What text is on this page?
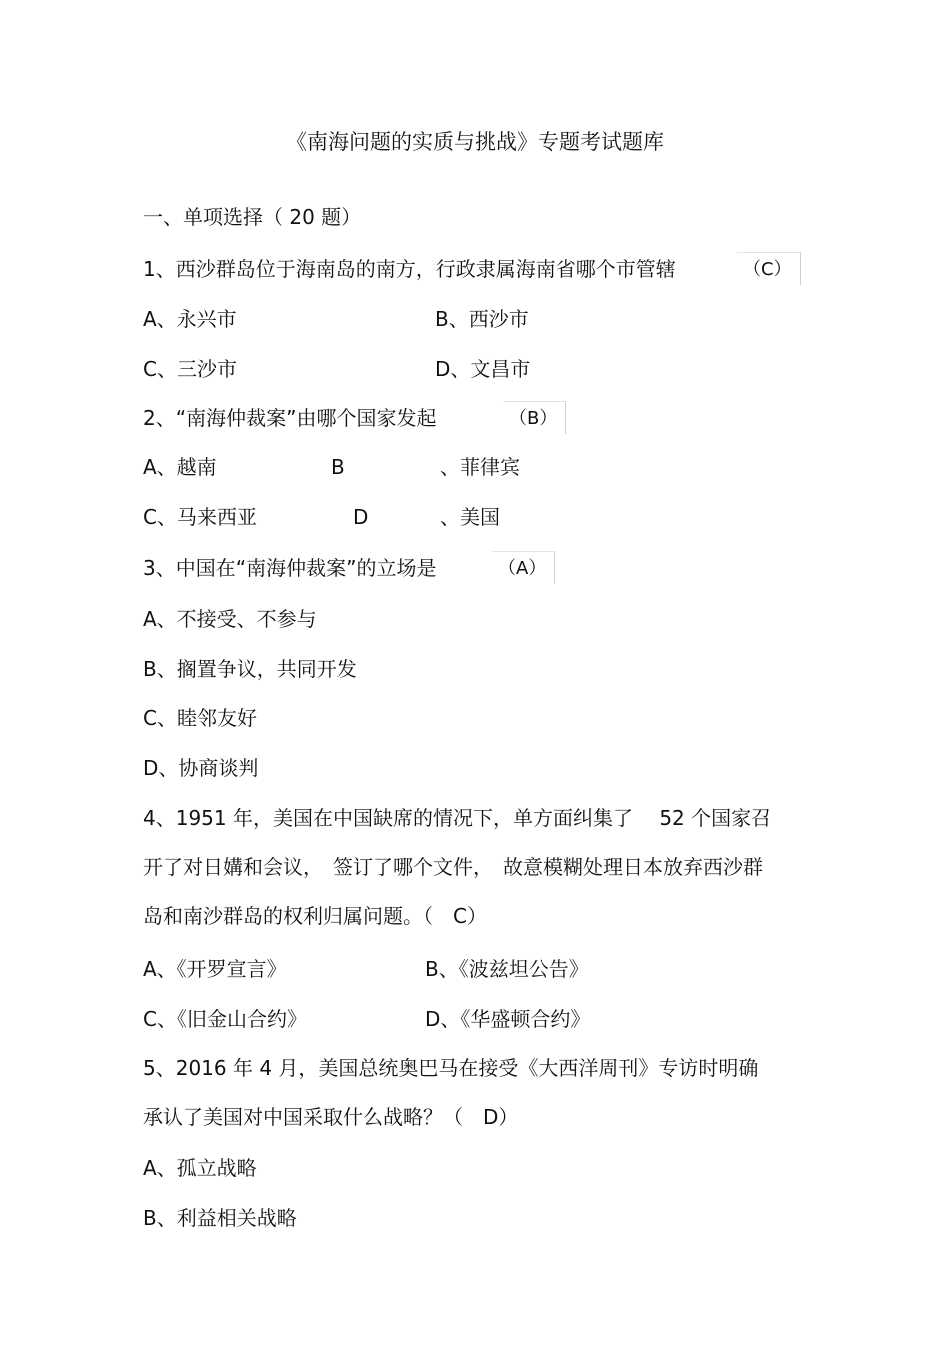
《南海问题的实质与挑战》专题考试题库
一、单项选择（ 20 题）
1、西沙群岛位于海南岛的南方，行政隶属海南省哪个市管辖	（C）
A、永兴市	B、西沙市
C、三沙市	D、文昌市
2、“南海仲裁案”由哪个国家发起	（B）
A、越南	B	、菲律宾
C、马来西亚	D	、美国
3、中国在“南海仲裁案”的立场是	（A）
A、不接受、不参与
B、搁置争议，共同开发
C、睦邻友好
D、协商谈判
4、1951 年，美国在中国缺席的情况下，单方面纠集了　 52 个国家召
开了对日媾和会议，　签订了哪个文件，　故意模糊处理日本放弃西沙群
岛和南沙群岛的权利归属问题。（　C）
A、《开罗宣言》	B、《波兹坦公告》
C、《旧金山合约》	D、《华盛顿合约》
5、2016 年 4 月，美国总统奥巴马在接受《大西洋周刊》专访时明确
承认了美国对中国采取什么战略？（　D）
A、孤立战略
B、利益相关战略
